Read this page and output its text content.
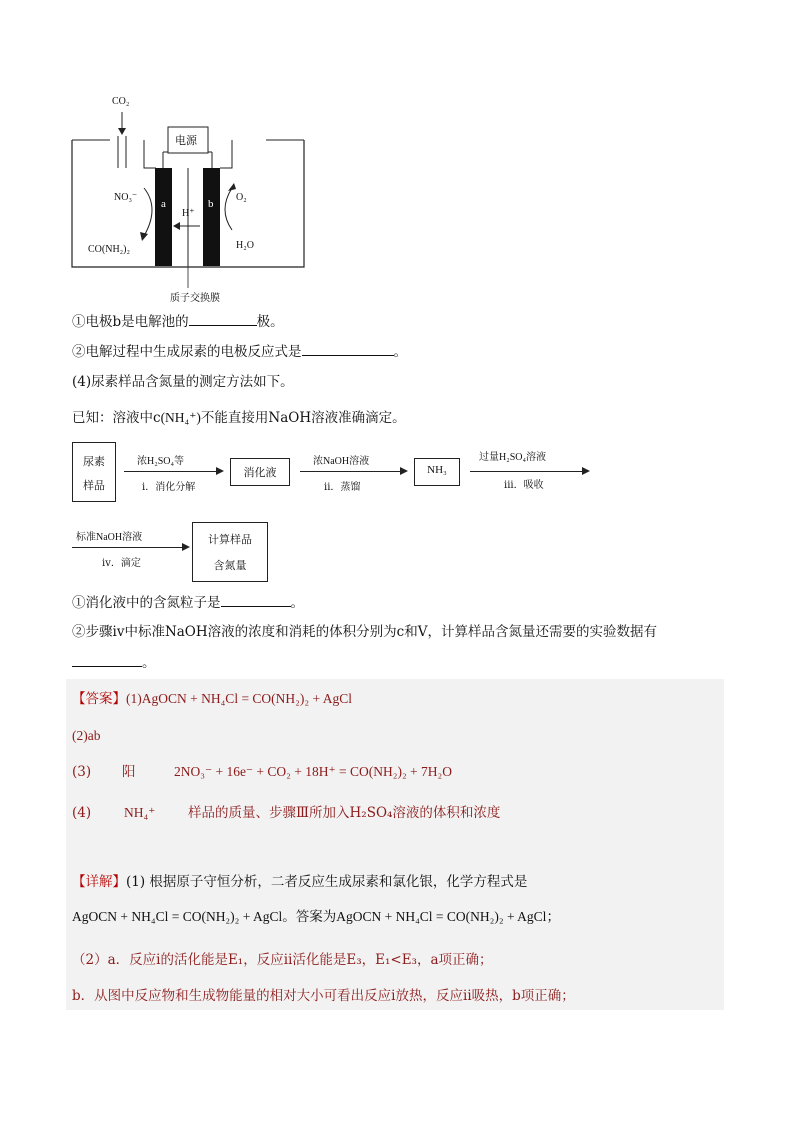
CO₂
电源
NO₃⁻
a	b
H⁺
O₂
CO(NH₂)₂	H₂O
质子交换膜
①电极b是电解池的	极。
②电解过程中生成尿素的电极反应式是	。
(4)尿素样品含氮量的测定方法如下。
已知：溶液中c(NH₄⁺)不能直接用NaOH溶液准确滴定。
尿素
样品
浓H₂SO₄等
i．消化分解
消化液
浓NaOH溶液
ii．蒸馏
NH₃
过量H₂SO₄溶液
iii．吸收
标准NaOH溶液
iv．滴定
计算样品
含氮量
①消化液中的含氮粒子是	。
②步骤iv中标准NaOH溶液的浓度和消耗的体积分别为c和V，计算样品含氮量还需要的实验数据有
。
【答案】(1)AgOCN + NH₄Cl = CO(NH₂)₂ + AgCl
(2)ab
(3) 阳	2NO₃⁻ + 16e⁻ + CO₂ + 18H⁺ = CO(NH₂)₂ + 7H₂O
(4) NH₄⁺ 样品的质量、步骤Ⅲ所加入H₂SO₄溶液的体积和浓度
【详解】(1) 根据原子守恒分析，二者反应生成尿素和氯化银，化学方程式是
AgOCN + NH₄Cl = CO(NH₂)₂ + AgCl。答案为AgOCN + NH₄Cl = CO(NH₂)₂ + AgCl；
（2）a．反应ⅰ的活化能是E₁，反应ⅱ活化能是E₃，E₁<E₃，a项正确；
b．从图中反应物和生成物能量的相对大小可看出反应ⅰ放热，反应ⅱ吸热，b项正确；
